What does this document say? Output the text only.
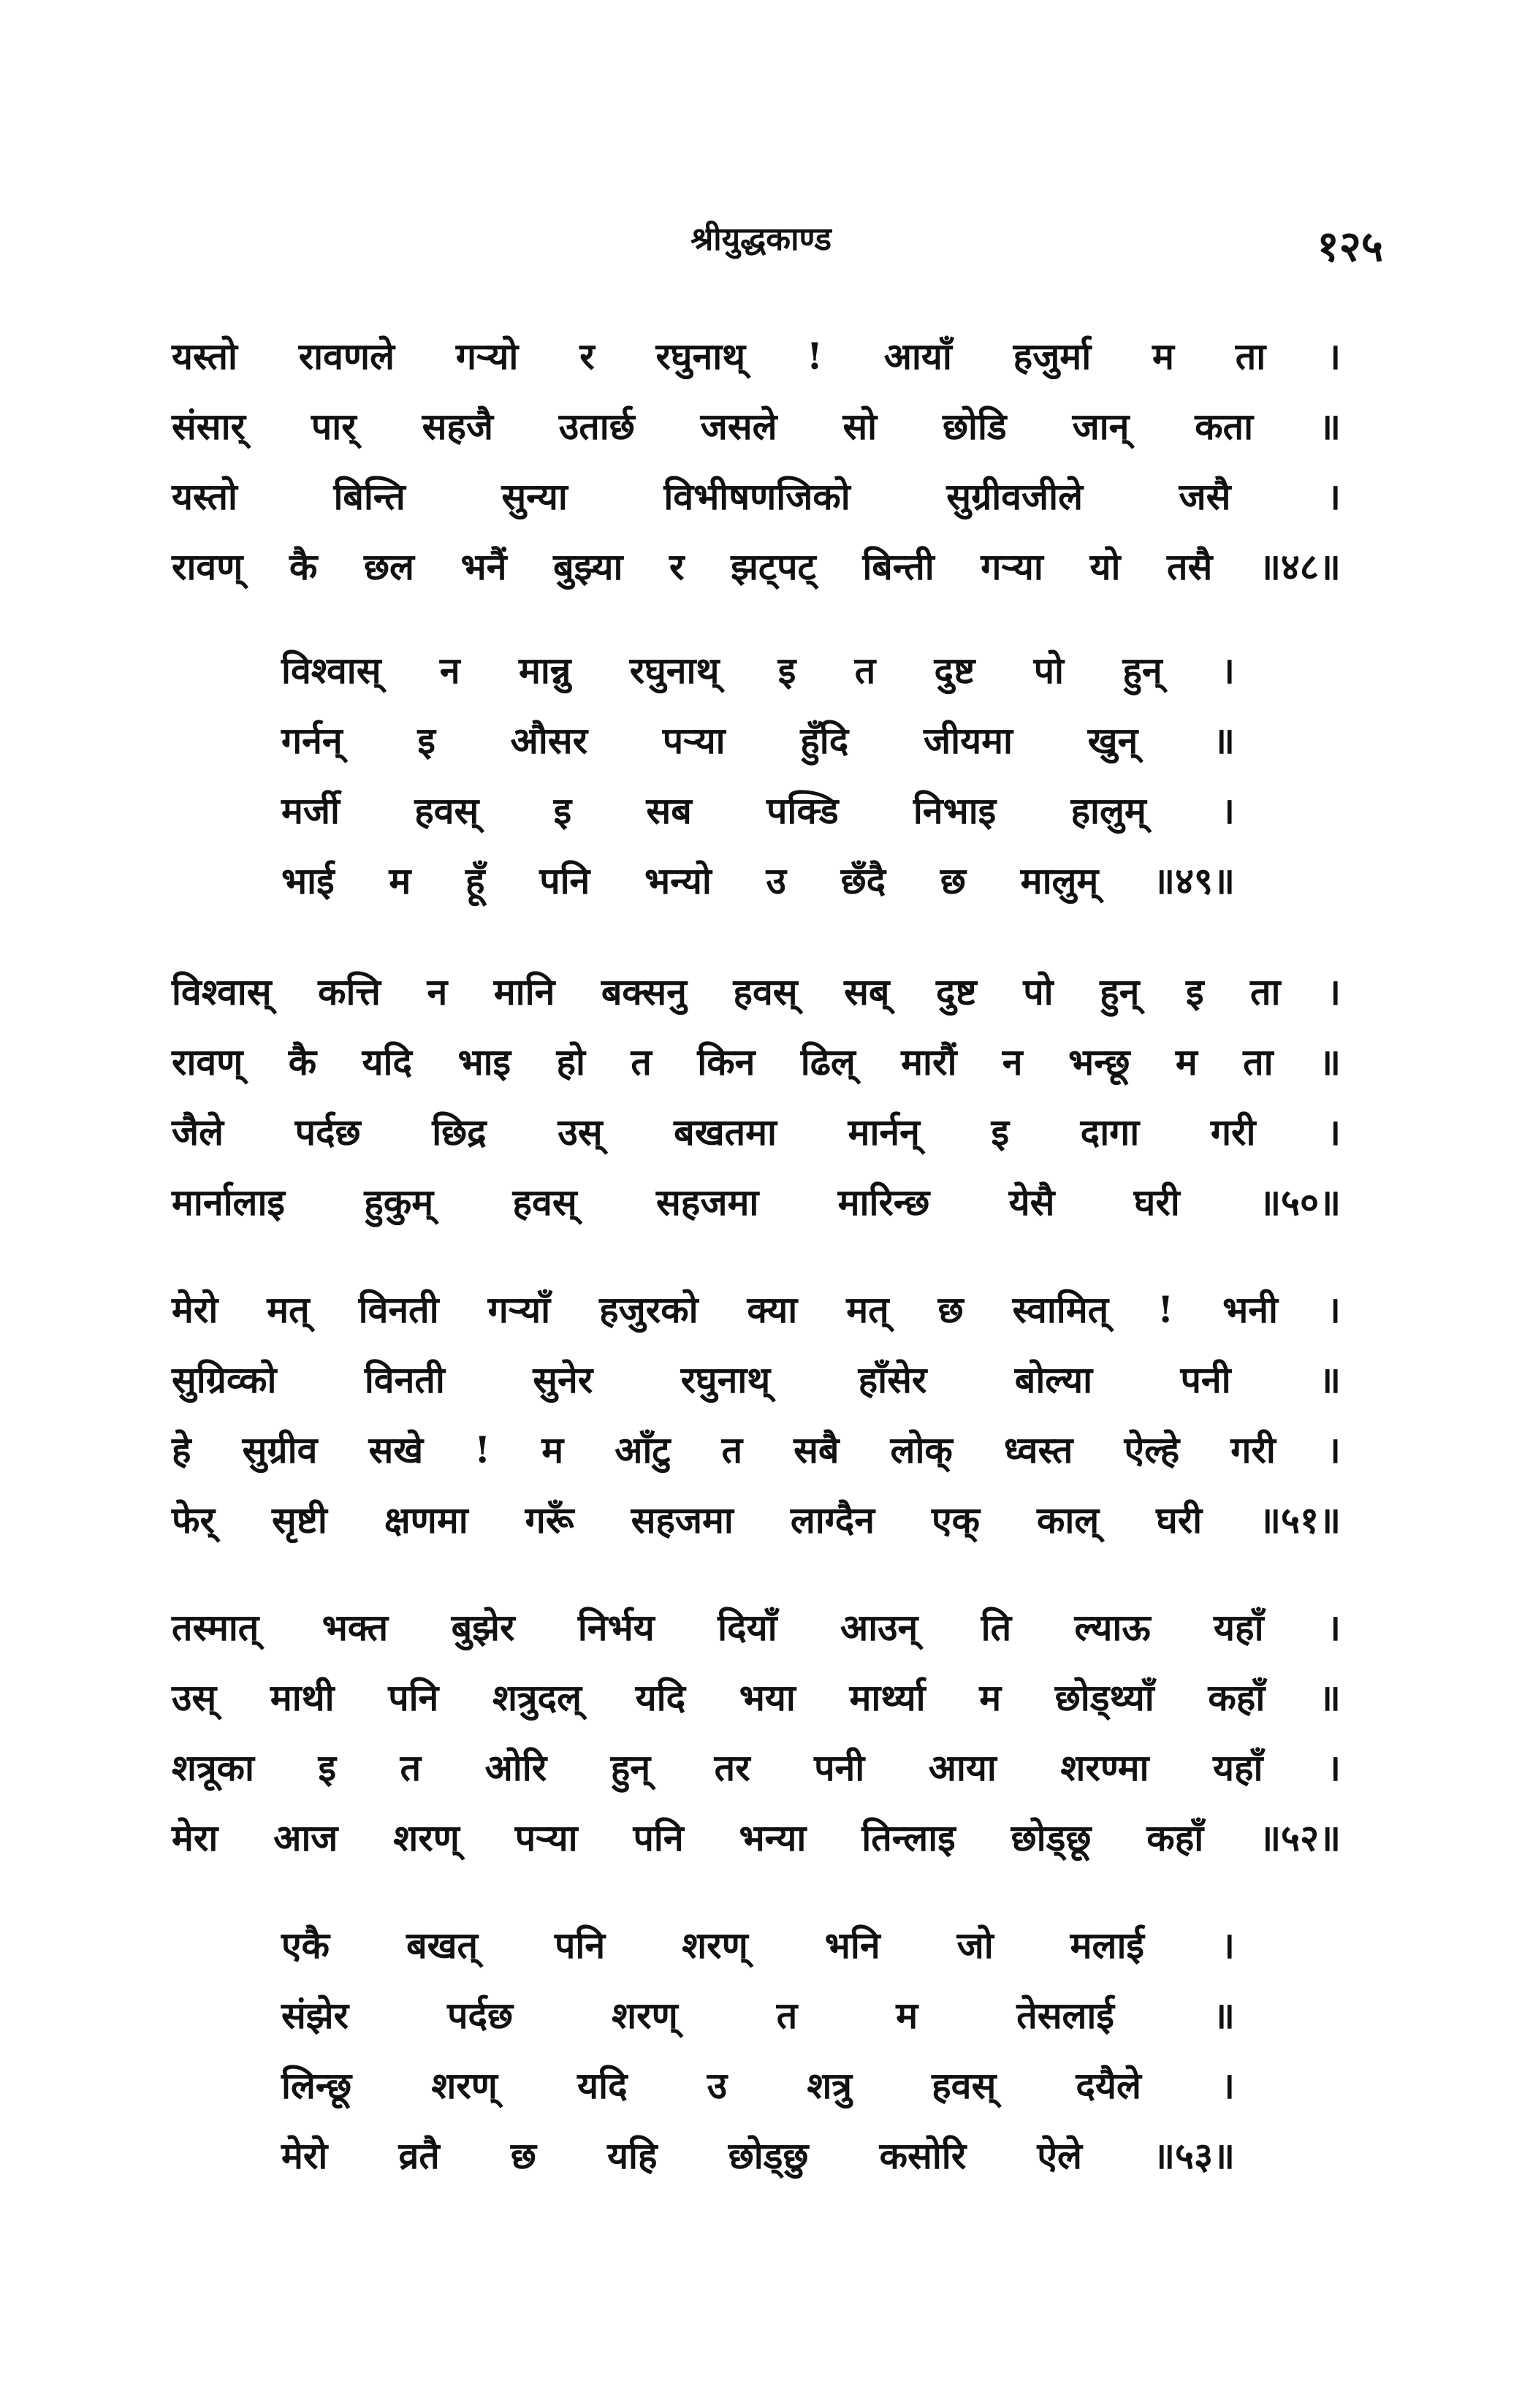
श्रीयुद्धकाण्ड	१२५
यस्तो रावणले गऱ्यो र रघुनाथ् ! आयाँ हजुर्मा म ता ।
संसार् पार् सहजै उतार्छ जसले सो छोडि जान् कता ॥
यस्तो	बिन्ति	सुन्या	विभीषणजिको	सुग्रीवजीले	जसै	।
रावण् कै छल भनैं बुझ्या र झट्पट् बिन्ती गऱ्या यो तसै ॥४८॥
विश्वास् न मान्नु रघुनाथ् इ त दुष्ट पो हुन् ।
गर्नन् इ औसर पऱ्या हुँदि जीयमा खुन् ॥
मर्जी हवस् इ सब पक्डि निभाइ हालुम् ।
भाई म हूँ पनि भन्यो उ छँदै छ मालुम् ॥४९॥
विश्वास् कत्ति न मानि बक्सनु हवस् सब् दुष्ट पो हुन् इ ता ।
रावण् कै यदि भाइ हो त किन ढिल् मारौं न भन्छू म ता ॥
जैले पर्दछ छिद्र उस् बखतमा मार्नन् इ दागा गरी ।
मार्नालाइ हुकुम् हवस् सहजमा मारिन्छ येसै घरी ॥५०॥
मेरो मत् विनती गऱ्याँ हजुरको क्या मत् छ स्वामित् ! भनी ।
सुग्रिव्को विनती सुनेर रघुनाथ् हाँसेर बोल्या पनी ॥
हे सुग्रीव सखे ! म आँटु त सबै लोक् ध्वस्त ऐल्हे गरी ।
फेर् सृष्टी क्षणमा गरूँ सहजमा लाग्दैन एक् काल् घरी ॥५१॥
तस्मात् भक्त बुझेर निर्भय दियाँ आउन् ति ल्याऊ यहाँ ।
उस् माथी पनि शत्रुदल् यदि भया मार्थ्या म छोड्थ्याँ कहाँ ॥
शत्रूका इ त ओरि हुन् तर पनी आया शरण्मा यहाँ ।
मेरा आज शरण् पऱ्या पनि भन्या तिन्लाइ छोड्छू कहाँ ॥५२॥
एकै बखत् पनि शरण् भनि जो मलाई ।
संझेर	पर्दछ	शरण्	त	म	तेसलाई	॥
लिन्छू शरण् यदि उ शत्रु हवस् दयैले ।
मेरो व्रतै छ यहि छोड्छु कसोरि ऐले ॥५३॥
